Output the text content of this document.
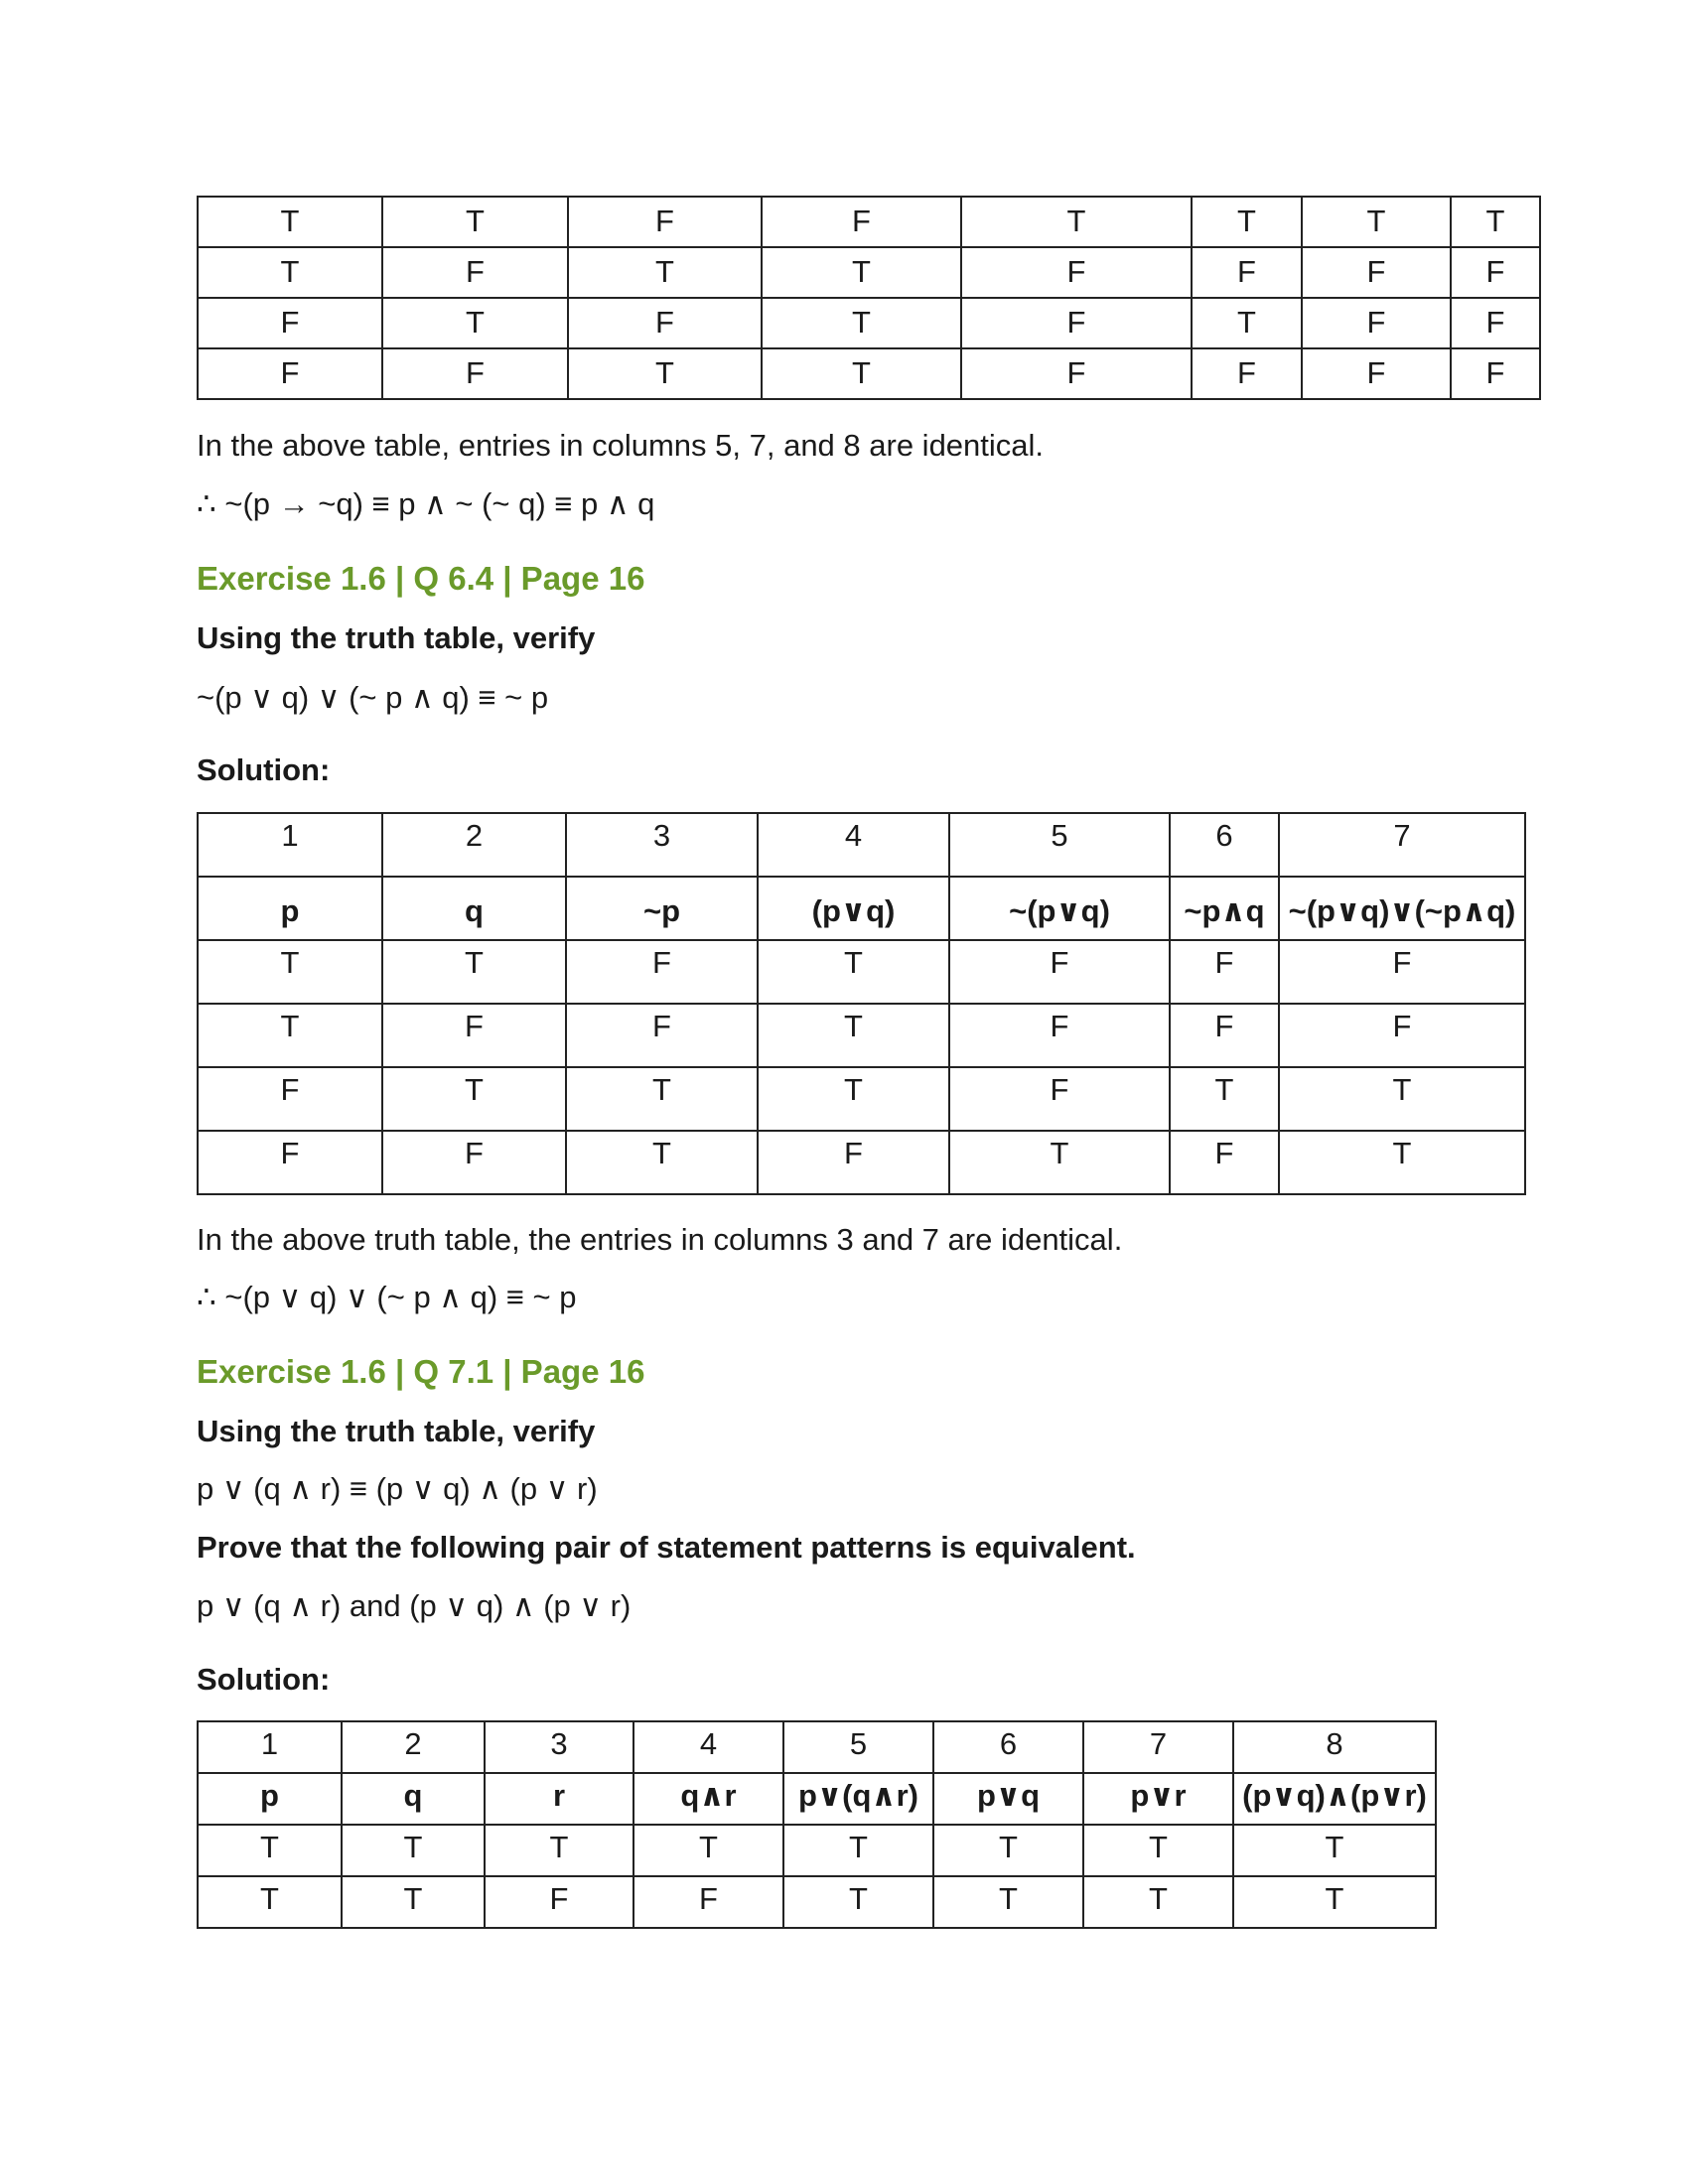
T	T	F	F	T	T	T	T

T	F	T	T	F	F	F	F

F	T	F	T	F	T	F	F

F	F	T	T	F	F	F	F
In the above table, entries in columns 5, 7, and 8 are identical.
∴ ~(p → ~q) ≡ p ∧ ~ (~ q) ≡ p ∧ q
Exercise 1.6 | Q 6.4 | Page 16
Using the truth table, verify
~(p ∨ q) ∨ (~ p ∧ q) ≡ ~ p
Solution:
1	2	3	4	5	6	7

p	q	~p	(p∨q)	~(p∨q)	~p∧q	~(p∨q)∨(~p∧q)

T	T	F	T	F	F	F

T	F	F	T	F	F	F

F	T	T	T	F	T	T

F	F	T	F	T	F	T
In the above truth table, the entries in columns 3 and 7 are identical.
∴ ~(p ∨ q) ∨ (~ p ∧ q) ≡ ~ p
Exercise 1.6 | Q 7.1 | Page 16
Using the truth table, verify
p ∨ (q ∧ r) ≡ (p ∨ q) ∧ (p ∨ r)
Prove that the following pair of statement patterns is equivalent.
p ∨ (q ∧ r) and (p ∨ q) ∧ (p ∨ r)
Solution:
1	2	3	4	5	6	7	8

p	q	r	q∧r	p∨(q∧r)	p∨q	p∨r	(p∨q)∧(p∨r)

T	T	T	T	T	T	T	T

T	T	F	F	T	T	T	T
